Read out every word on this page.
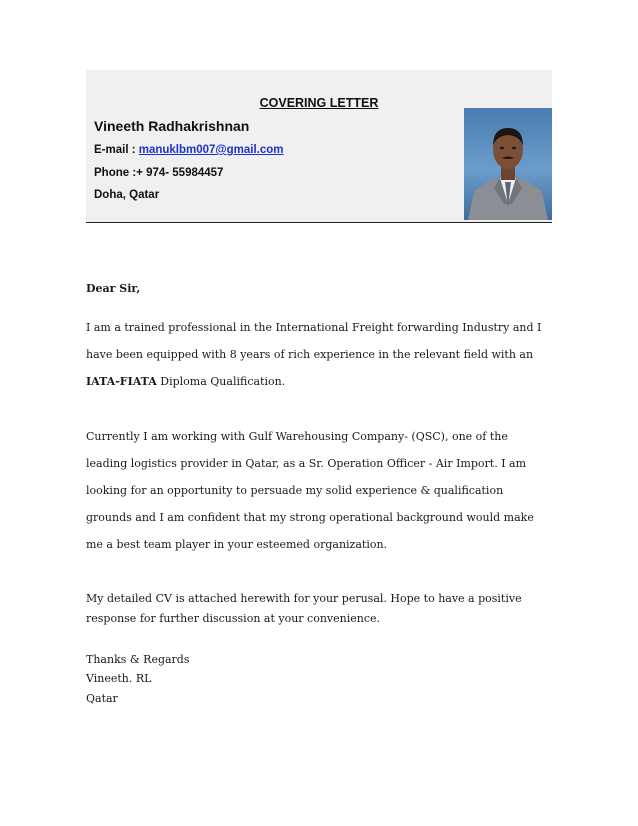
COVERING LETTER
Vineeth Radhakrishnan
E-mail : manuklbm007@gmail.com
Phone :+ 974- 55984457
Doha, Qatar
Dear Sir,
I am a trained professional in the International Freight forwarding Industry and I
have been equipped with 8 years of rich experience in the relevant field with an
IATA-FIATA Diploma Qualification.
Currently I am working with Gulf Warehousing Company- (QSC), one of the
leading logistics provider in Qatar, as a Sr. Operation Officer - Air Import. I am
looking for an opportunity to persuade my solid experience & qualification
grounds and I am confident that my strong operational background would make
me a best team player in your esteemed organization.
My detailed CV is attached herewith for your perusal. Hope to have a positive
response for further discussion at your convenience.
Thanks & Regards
Vineeth. RL
Qatar
